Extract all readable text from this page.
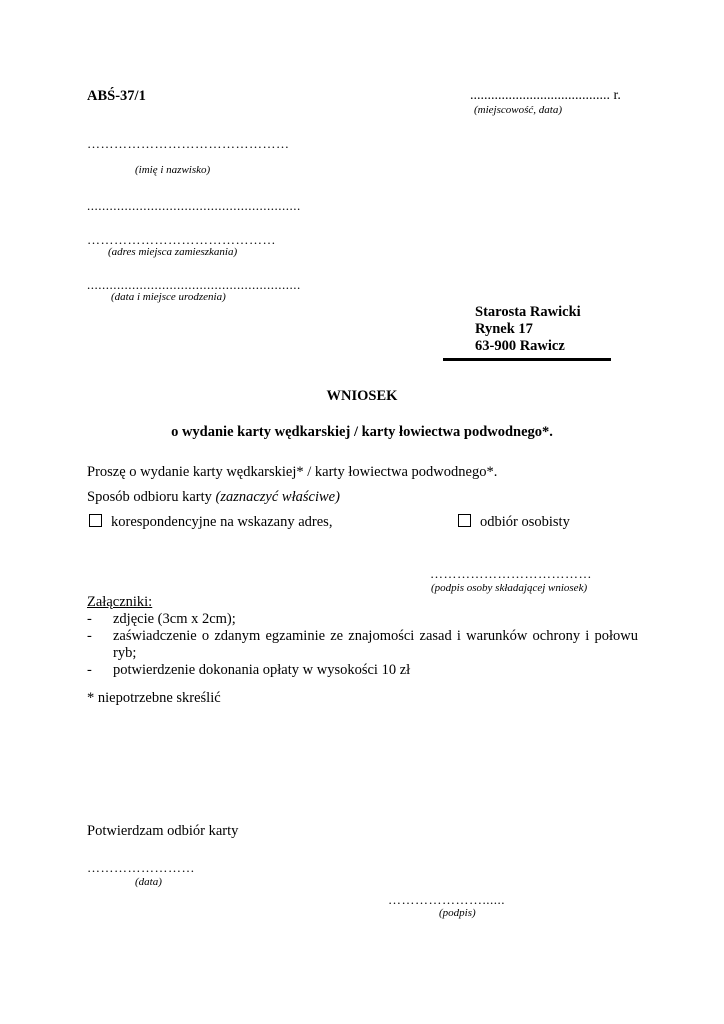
ABŚ-37/1	........................................ r.
(miejscowość, data)
………………………………………
(imię i nazwisko)
.........................................................
……………………………………
(adres miejsca zamieszkania)
.........................................................
(data i miejsce urodzenia)
Starosta Rawicki
Rynek 17
63-900 Rawicz
WNIOSEK
o wydanie karty wędkarskiej / karty łowiectwa podwodnego*.
Proszę o wydanie karty wędkarskiej* / karty łowiectwa podwodnego*.
Sposób odbioru karty (zaznaczyć właściwe)
korespondencyjne na wskazany adres,	odbiór osobisty
………………………………
(podpis osoby składającej wniosek)
Załączniki:
-	zdjęcie (3cm x 2cm);
-	zaświadczenie o zdanym egzaminie ze znajomości zasad i warunków ochrony i połowu ryb;
-	potwierdzenie dokonania opłaty w wysokości 10 zł
* niepotrzebne skreślić
Potwierdzam odbiór karty
……………………
(data)
…………………......
(podpis)
